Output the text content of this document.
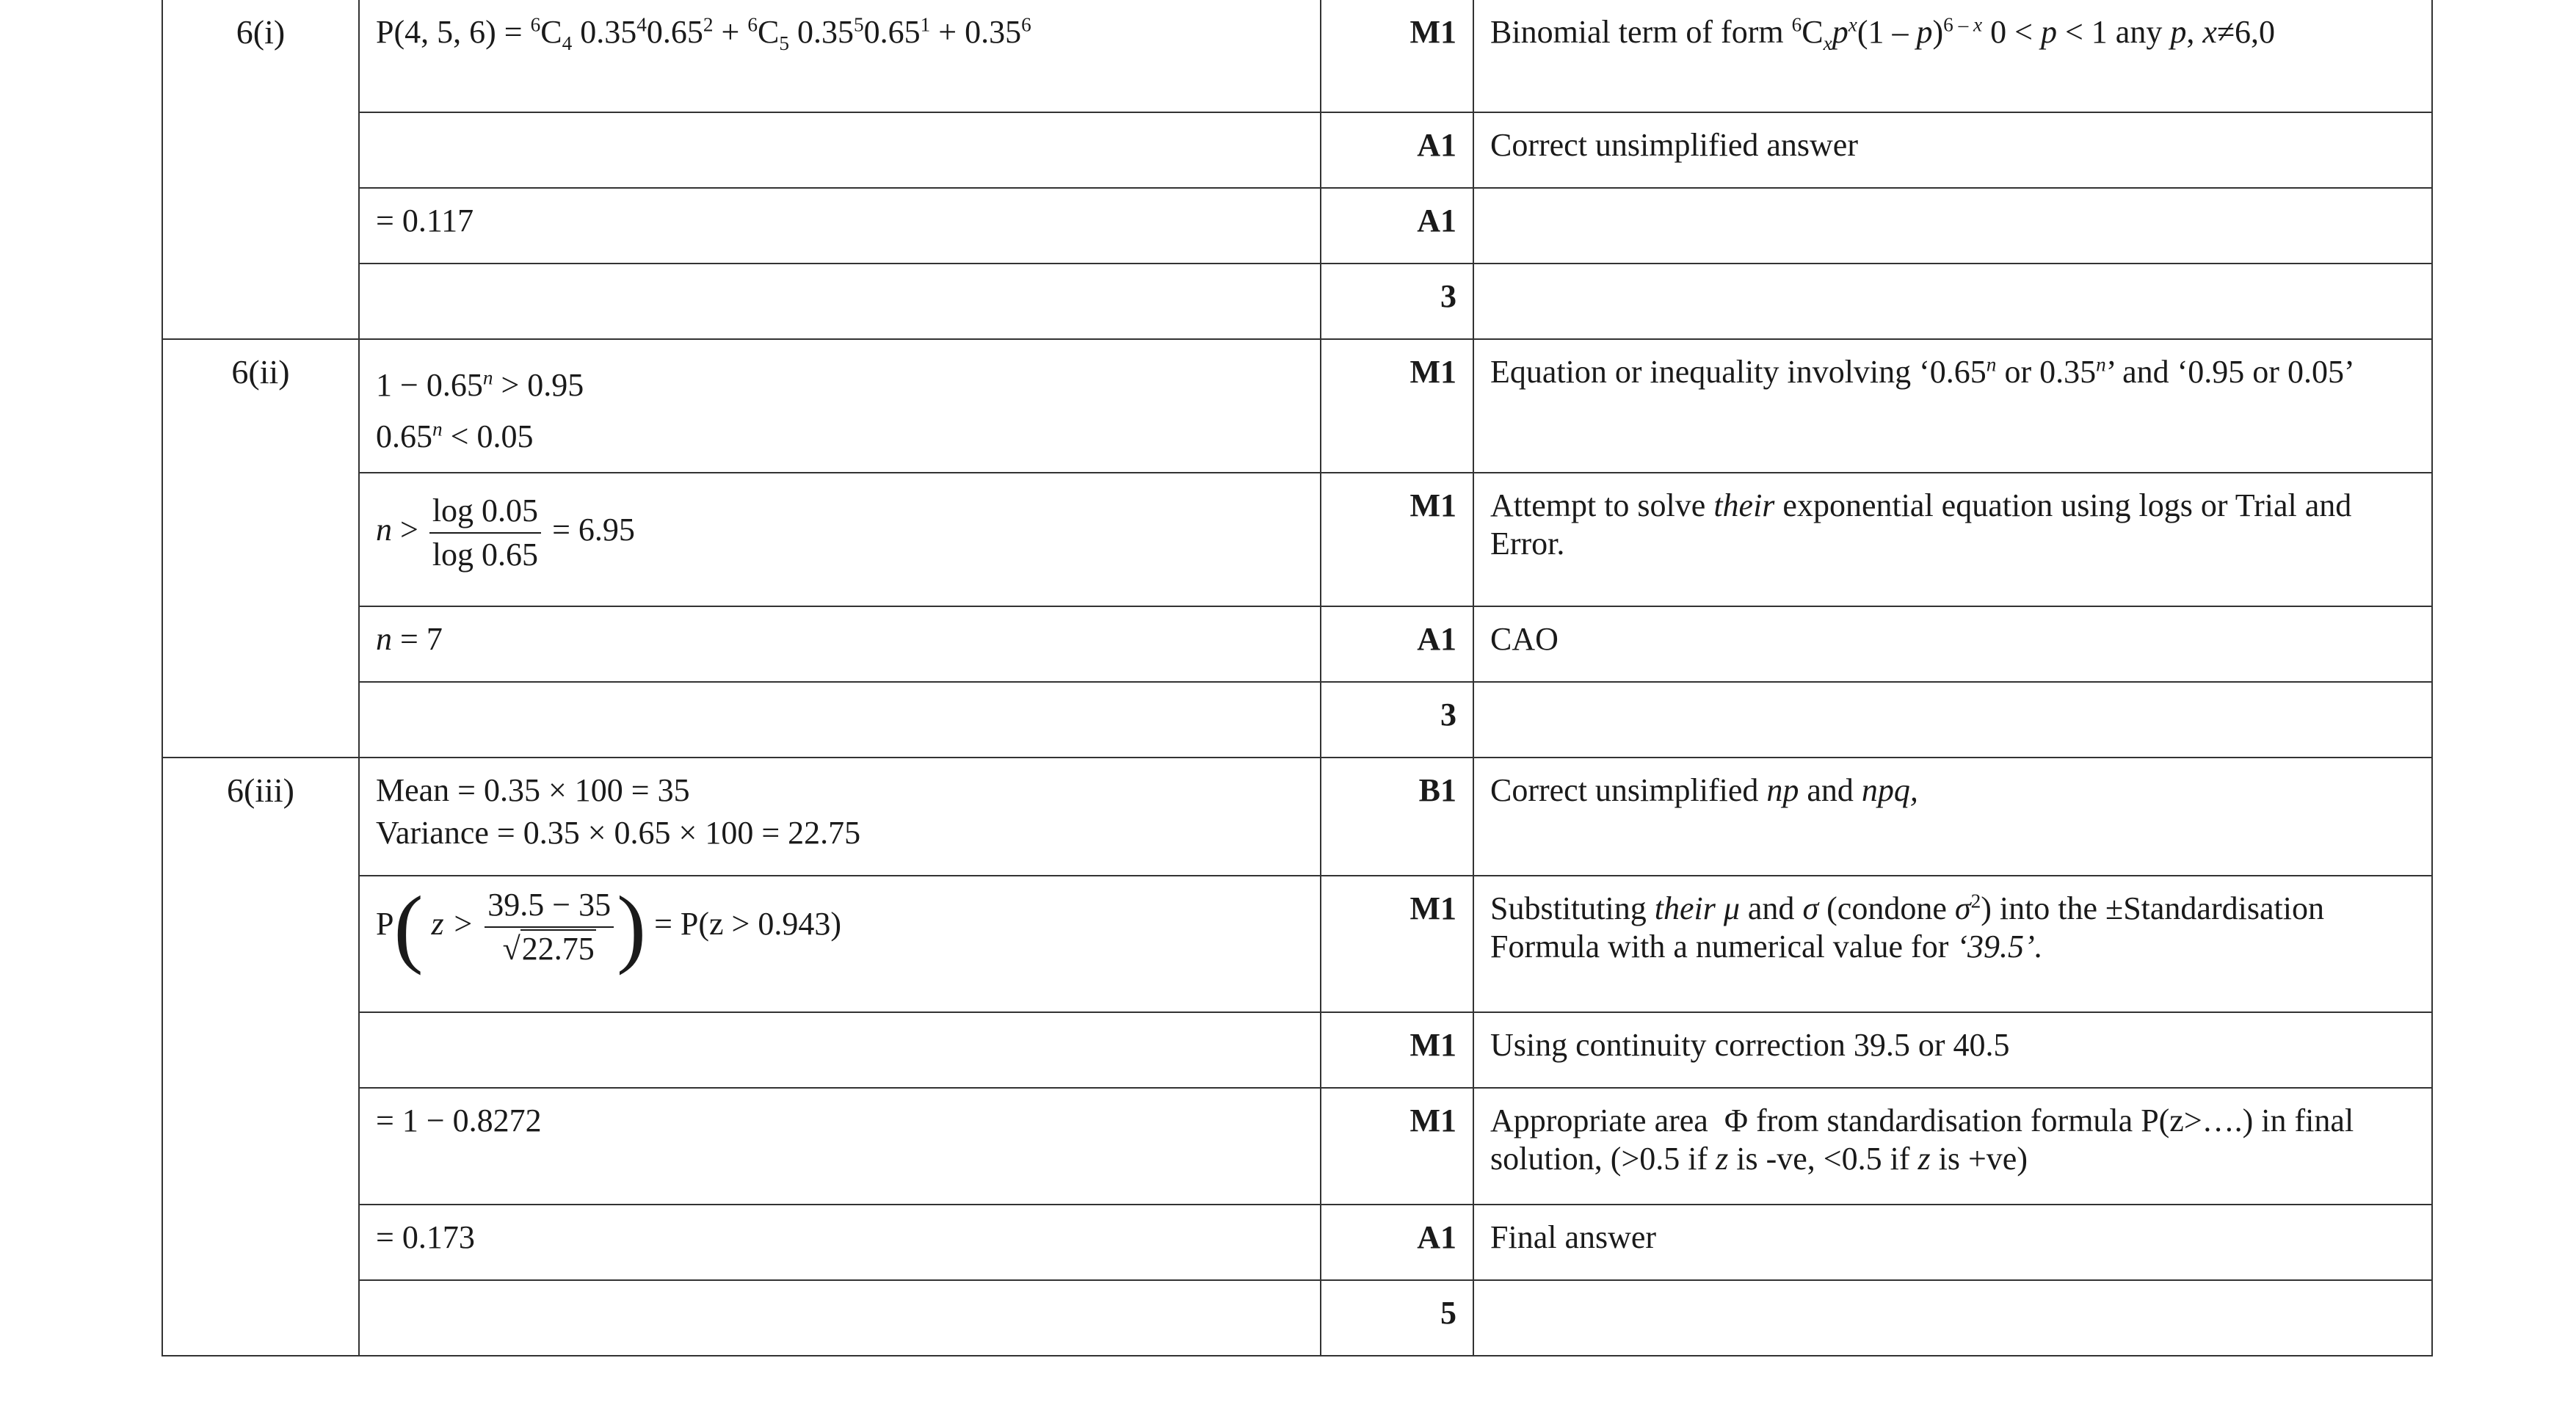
6(i)	P(4, 5, $6) = ^6C_4$ $0.35^40.65^2 + ^6C_5$ $0.35^50.65^1 + 0.35^6$	M1	Binomial term of form $^6C_xp^x(1 - p)^{6 - x}$ 0 < p < 1 any p, x≠6,0
		A1	Correct unsimplified answer
	= 0.117	A1	
		3	
6(ii)	$1 - 0.65^n > 0.95$
$0.65^n < 0.05$	M1	Equation or inequality involving ‘0.65$^n$ or 0.35$^n$’ and ‘0.95 or 0.05’
	$n > \frac{\log 0.05}{\log 0.65} = 6.95$	M1	Attempt to solve their exponential equation using logs or Trial and
Error.
	n = 7	A1	CAO
		3	
6(iii)	Mean = 0.35 × 100 = 35
Variance = 0.35 × 0.65 × 100 = 22.75	B1	Correct unsimplified np and npq,
	P( $z > \frac{39.5 - 35}{√22.75}$ ) = P(z > 0.943)	M1	Substituting their μ and σ (condone $\sigma^2$) into the ±Standardisation
Formula with a numerical value for ‘39.5’.
		M1	Using continuity correction 39.5 or 40.5
	= 1 − 0.8272	M1	Appropriate area  Φ from standardisation formula P(z>….) in final
solution, (>0.5 if z is -ve, <0.5 if z is +ve)
	= 0.173	A1	Final answer
		5	
